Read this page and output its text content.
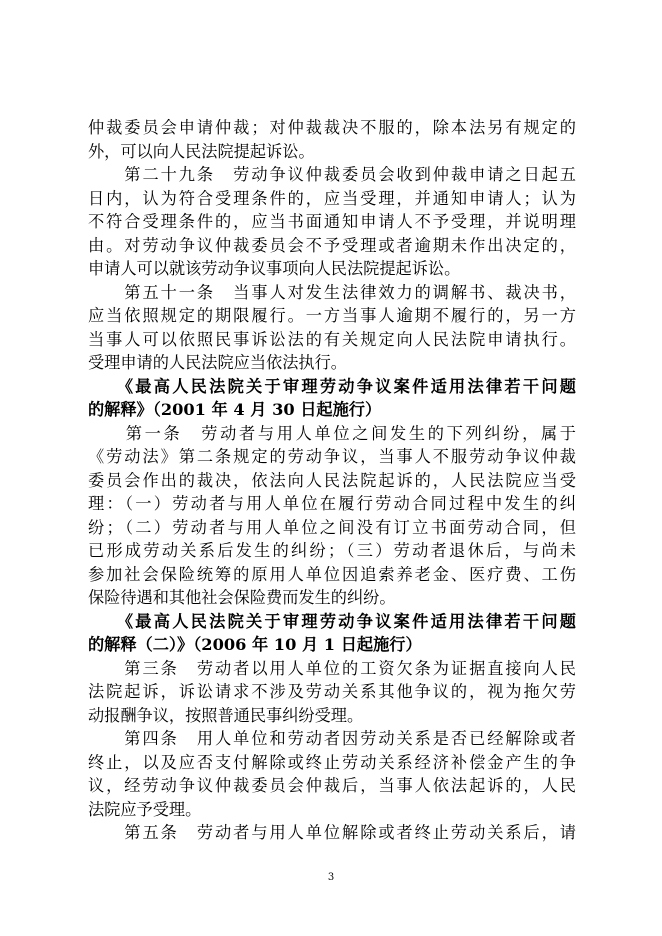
仲裁委员会申请仲裁；对仲裁裁决不服的，除本法另有规定的
外，可以向人民法院提起诉讼。
　　第二十九条　劳动争议仲裁委员会收到仲裁申请之日起五
日内，认为符合受理条件的，应当受理，并通知申请人；认为
不符合受理条件的，应当书面通知申请人不予受理，并说明理
由。对劳动争议仲裁委员会不予受理或者逾期未作出决定的，
申请人可以就该劳动争议事项向人民法院提起诉讼。
　　第五十一条　当事人对发生法律效力的调解书、裁决书，
应当依照规定的期限履行。一方当事人逾期不履行的，另一方
当事人可以依照民事诉讼法的有关规定向人民法院申请执行。
受理申请的人民法院应当依法执行。
　　《最高人民法院关于审理劳动争议案件适用法律若干问题
的解释》（2001 年 4 月 30 日起施行）
　　第一条　劳动者与用人单位之间发生的下列纠纷，属于
《劳动法》第二条规定的劳动争议，当事人不服劳动争议仲裁
委员会作出的裁决，依法向人民法院起诉的，人民法院应当受
理：（一）劳动者与用人单位在履行劳动合同过程中发生的纠
纷；（二）劳动者与用人单位之间没有订立书面劳动合同，但
已形成劳动关系后发生的纠纷；（三）劳动者退休后，与尚未
参加社会保险统筹的原用人单位因追索养老金、医疗费、工伤
保险待遇和其他社会保险费而发生的纠纷。
　　《最高人民法院关于审理劳动争议案件适用法律若干问题
的解释（二）》（2006 年 10 月 1 日起施行）
　　第三条　劳动者以用人单位的工资欠条为证据直接向人民
法院起诉，诉讼请求不涉及劳动关系其他争议的，视为拖欠劳
动报酬争议，按照普通民事纠纷受理。
　　第四条　用人单位和劳动者因劳动关系是否已经解除或者
终止，以及应否支付解除或终止劳动关系经济补偿金产生的争
议，经劳动争议仲裁委员会仲裁后，当事人依法起诉的，人民
法院应予受理。
　　第五条　劳动者与用人单位解除或者终止劳动关系后，请
3
